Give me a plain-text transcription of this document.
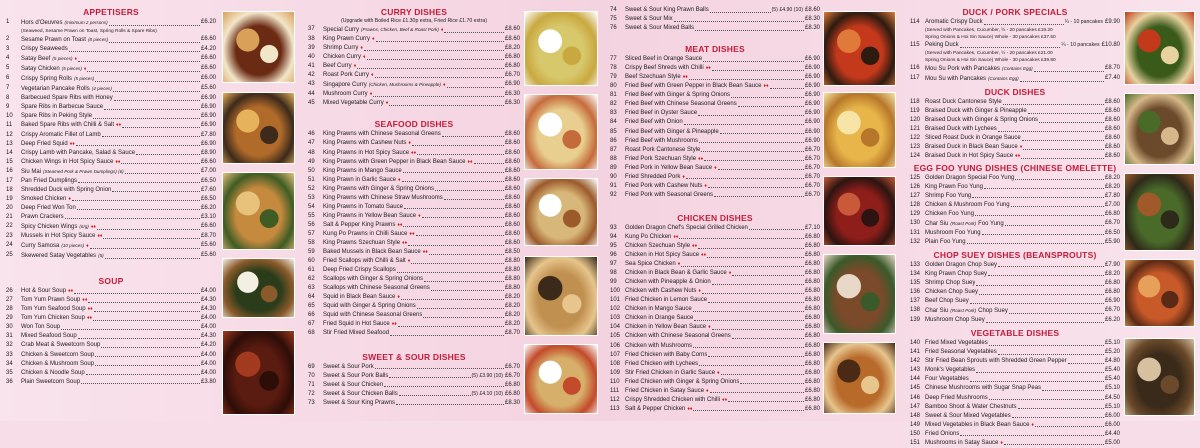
APPETISERS
1	Hors d'Oeuvres (minimum 2 persons)	£6.20
(Seaweed, Sesame Prawn on Toast, Spring Rolls & Spare Ribs)
2	Sesame Prawn on Toast (8 pieces)	£6.60
3	Crispy Seaweeds	£4.20
4	Satay Beef (5 pieces) ♦	£6.60
5	Satay Chicken (5 pieces) ♦	£6.60
6	Crispy Spring Rolls (5 pieces)	£6.00
7	Vegetarian Pancake Rolls (4 pieces)	£5.60
8	Barbecued Spare Ribs with Honey	£6.90
9	Spare Ribs in Barbecue Sauce	£6.90
10	Spare Ribs in Peking Style	£6.90
11	Baked Spare Ribs with Chilli & Salt ♦♦	£6.90
12	Crispy Aromatic Fillet of Lamb	£7.80
13	Deep Fried Squid ♦♦	£6.90
14	Crispy Lamb with Pancake, Salad & Sauce	£8.90
15	Chicken Wings in Hot Spicy Sauce ♦♦	£6.60
16	Siu Mai (Steamed Pork & Prawn Dumplings) (6)	£7.00
17	Pan Fried Dumplings	£6.50
18	Shredded Duck with Spring Onion	£7.60
19	Smoked Chicken ♦	£6.50
20	Deep Fried Won Ton	£6.20
21	Prawn Crackers	£3.10
22	Spicy Chicken Wings (6/g) ♦♦	£6.60
23	Mussels in Hot Spicy Sauce ♦♦	£8.70
24	Curry Samosa (10 pieces) ♦	£5.60
25	Skewered Satay Vegetables (5)	£5.60
SOUP
26	Hot & Sour Soup ♦♦	£4.00
27	Tom Yum Prawn Soup ♦♦	£4.30
28	Tom Yum Seafood Soup ♦♦	£4.30
29	Tom Yum Chicken Soup ♦♦	£4.00
30	Won Ton Soup	£4.00
31	Mixed Seafood Soup	£4.30
32	Crab Meat & Sweetcorn Soup	£4.20
33	Chicken & Sweetcorn Soup	£4.00
34	Chicken & Mushroom Soup	£4.00
35	Chicken & Noodle Soup	£4.00
36	Plain Sweetcorn Soup	£3.80
CURRY DISHES
(Upgrade with Boiled Rice £1.30p extra, Fried Rice £1.70 extra)
37	Special Curry (Prawns, Chicken, Beef & Roast Pork) ♦	£8.60
38	King Prawn Curry ♦	£8.60
39	Shrimp Curry ♦	£8.20
40	Chicken Curry ♦	£6.80
41	Beef Curry ♦	£6.80
42	Roast Pork Curry ♦	£6.70
43	Singapore Curry (Chicken, Mushrooms & Pineapple) ♦	£6.90
44	Mushroom Curry ♦	£6.30
45	Mixed Vegetable Curry ♦	£6.30
SEAFOOD DISHES
46	King Prawns with Chinese Seasonal Greens	£8.60
47	King Prawns with Cashew Nuts ♦	£8.60
48	King Prawns in Hot Spicy Sauce ♦♦	£8.60
49	King Prawns with Green Pepper in Black Bean Sauce ♦♦	£8.60
50	King Prawns in Mango Sauce	£8.60
51	King Prawn in Garlic Sauce ♦	£8.60
52	King Prawns with Ginger & Spring Onions	£8.60
53	King Prawns with Chinese Straw Mushrooms	£8.60
54	King Prawns in Tomato Sauce	£8.60
55	King Prawns in Yellow Bean Sauce ♦	£8.60
56	Salt & Pepper King Prawns ♦♦	£8.60
57	Kung Po Prawns in Chilli Sauce ♦♦	£8.60
58	King Prawns Szechuan Style ♦♦	£8.60
59	Baked Mussels in Black Bean Sauce ♦♦	£8.50
60	Fried Scallops with Chilli & Salt ♦	£8.80
61	Deep Fried Crispy Scallops	£8.80
62	Scallops with Ginger & Spring Onions	£8.80
63	Scallops with Chinese Seasonal Greens	£8.80
64	Squid in Black Bean Sauce ♦	£8.20
65	Squid with Ginger & Spring Onions	£8.20
66	Squid with Chinese Seasonal Greens	£8.20
67	Fried Squid in Hot Sauce ♦♦	£8.20
68	Stir Fried Mixed Seafood	£8.70
SWEET & SOUR DISHES
69	Sweet & Sour Pork	£6.70
70	Sweet & Sour Pork Balls	(5) £3.90 (10) £6.70
71	Sweet & Sour Chicken	£6.80
72	Sweet & Sour Chicken Balls	(5) £4.10 (10) £6.80
73	Sweet & Sour King Prawns	£8.30
74	Sweet & Sour King Prawn Balls	(5) £4.90 (10) £8.60
75	Sweet & Sour Mix	£8.30
76	Sweet & Sour Mixed Balls	£8.30
MEAT DISHES
77	Sliced Beef in Orange Sauce	£6.90
78	Crispy Beef Shreds with Chilli ♦♦	£6.90
79	Beef Szechuan Style ♦♦	£6.90
80	Fried Beef with Green Pepper in Black Bean Sauce ♦♦	£6.90
81	Fried Beef with Ginger & Spring Onions	£6.90
82	Fried Beef with Chinese Seasonal Greens	£6.90
83	Fried Beef in Oyster Sauce	£6.90
84	Fried Beef with Onion	£6.90
85	Fried Beef with Ginger & Pineapple	£6.90
86	Fried Beef with Mushrooms	£6.90
87	Roast Pork Cantonese Style	£6.70
88	Fried Pork Szechuan Style ♦♦	£6.70
89	Fried Pork in Yellow Bean Sauce ♦	£6.70
90	Fried Shredded Pork ♦	£6.70
91	Fried Pork with Cashew Nuts ♦	£6.70
92	Fried Pork with Seasonal Greens	£6.70
CHICKEN DISHES
93	Golden Dragon Chef's Special Grilled Chicken	£7.10
94	Kung Po Chicken ♦♦	£6.80
95	Chicken Szechuan Style ♦♦	£6.80
96	Chicken in Hot Spicy Sauce ♦♦	£6.80
97	Sea Spice Chicken ♦	£6.80
98	Chicken in Black Bean & Garlic Sauce ♦	£6.80
99	Chicken with Pineapple & Onion	£6.80
100 Chicken with Cashew Nuts ♦	£6.80
101 Fried Chicken in Lemon Sauce	£6.80
102 Chicken in Mango Sauce	£6.80
103 Chicken in Orange Sauce	£6.80
104 Chicken in Yellow Bean Sauce ♦	£6.80
105 Chicken with Chinese Seasonal Greens	£6.80
106 Chicken with Mushrooms	£6.80
107 Fried Chicken with Baby Corns	£6.80
108 Fried Chicken with Lychees	£6.80
109 Stir Fried Chicken in Garlic Sauce ♦	£6.80
110 Fried Chicken with Ginger & Spring Onions	£6.80
111 Fried Chicken in Satay Sauce ♦	£6.80
112 Crispy Shredded Chicken with Chilli ♦♦	£6.80
113 Salt & Pepper Chicken ♦♦	£6.80
DUCK / PORK SPECIALS
114 Aromatic Crispy Duck	¼ - 10 pancakes £9.90
(Served with Pancakes, Cucumber, ½ - 20 pancakes £19.20
Spring Onions & Hoi Sin Sauce) Whole - 30 pancakes £37.50
115 Peking Duck	¼ - 10 pancakes £10.80
(Served with Pancakes, Cucumber, ½ - 20 pancakes £21.00
Spring Onions & Hoi Sin Sauce) Whole - 30 pancakes £39.80
116 Mou Su Pork with Pancakes (Contains Egg)	£8.70
117 Mou Su with Pancakes (Contains Egg)	£7.40
DUCK DISHES
118 Roast Duck Cantonese Style	£8.60
119 Braised Duck with Ginger & Pineapple	£8.60
120 Braised Duck with Ginger & Spring Onions	£8.60
121 Braised Duck with Lychees	£8.60
122 Sliced Roast Duck in Orange Sauce	£8.60
123 Braised Duck in Black Bean Sauce ♦	£8.60
124 Braised Duck in Hot Spicy Sauce ♦♦	£8.60
EGG FOO YUNG DISHES (CHINESE OMELETTE)
125 Golden Dragon Special Foo Yung	£8.20
126 King Prawn Foo Yung	£8.20
127 Shrimp Foo Yung	£7.80
128 Chicken & Mushroom Foo Yung	£7.00
129 Chicken Foo Yung	£6.80
130 Char Siu (Roast Pork) Foo Yung	£6.70
131 Mushroom Foo Yung	£6.50
132 Plain Foo Yung	£5.90
CHOP SUEY DISHES (BEANSPROUTS)
133 Golden Dragon Chop Suey	£7.90
134 King Prawn Chop Suey	£8.20
135 Shrimp Chop Suey	£6.80
136 Chicken Chop Suey	£6.80
137 Beef Chop Suey	£6.90
138 Char Siu (Roast Pork) Chop Suey	£6.70
139 Mushroom Chop Suey	£6.20
VEGETABLE DISHES
140 Fried Mixed Vegetables	£5.10
141 Fried Seasonal Vegetables	£5.20
142 Stir Fried Bean Sprouts with Shredded Green Pepper	£4.80
143 Monk's Vegetables	£5.40
144 Four Vegetables	£5.40
145 Chinese Mushrooms with Sugar Snap Peas	£5.10
146 Deep Fried Mushrooms	£4.50
147 Bamboo Shoot & Water Chestnuts	£5.10
148 Sweet & Sour Mixed Vegetables	£6.00
149 Mixed Vegetables in Black Bean Sauce ♦	£6.00
150 Fried Onions	£4.40
151 Mushrooms in Satay Sauce ♦	£5.00
